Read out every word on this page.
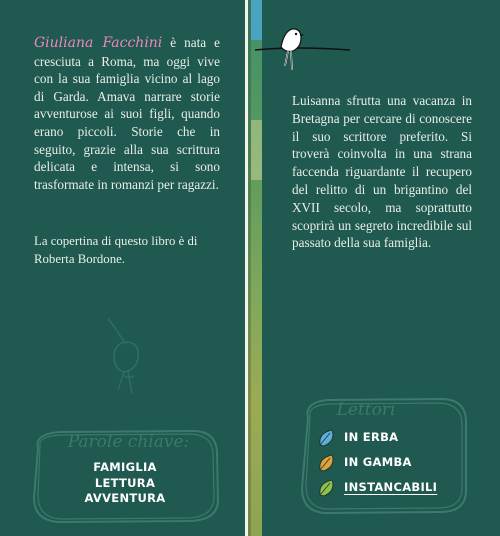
Giuliana Facchini è nata e cresciuta a Roma, ma oggi vive con la sua famiglia vicino al lago di Garda. Amava narrare storie avventurose ai suoi figli, quando erano piccoli. Storie che in seguito, grazie alla sua scrittura delicata e intensa, si sono trasformate in romanzi per ragazzi.
La copertina di questo libro è di Roberta Bordone.
Luisanna sfrutta una vacanza in Bretagna per cercare di conoscere il suo scrittore preferito. Si troverà coinvolta in una strana faccenda riguardante il recupero del relitto di un brigantino del XVII secolo, ma soprattutto scoprirà un segreto incredibile sul passato della sua famiglia.
Parole chiave:
FAMIGLIA
LETTURA
AVVENTURA
Lettori
IN ERBA
IN GAMBA
INSTANCABILI
